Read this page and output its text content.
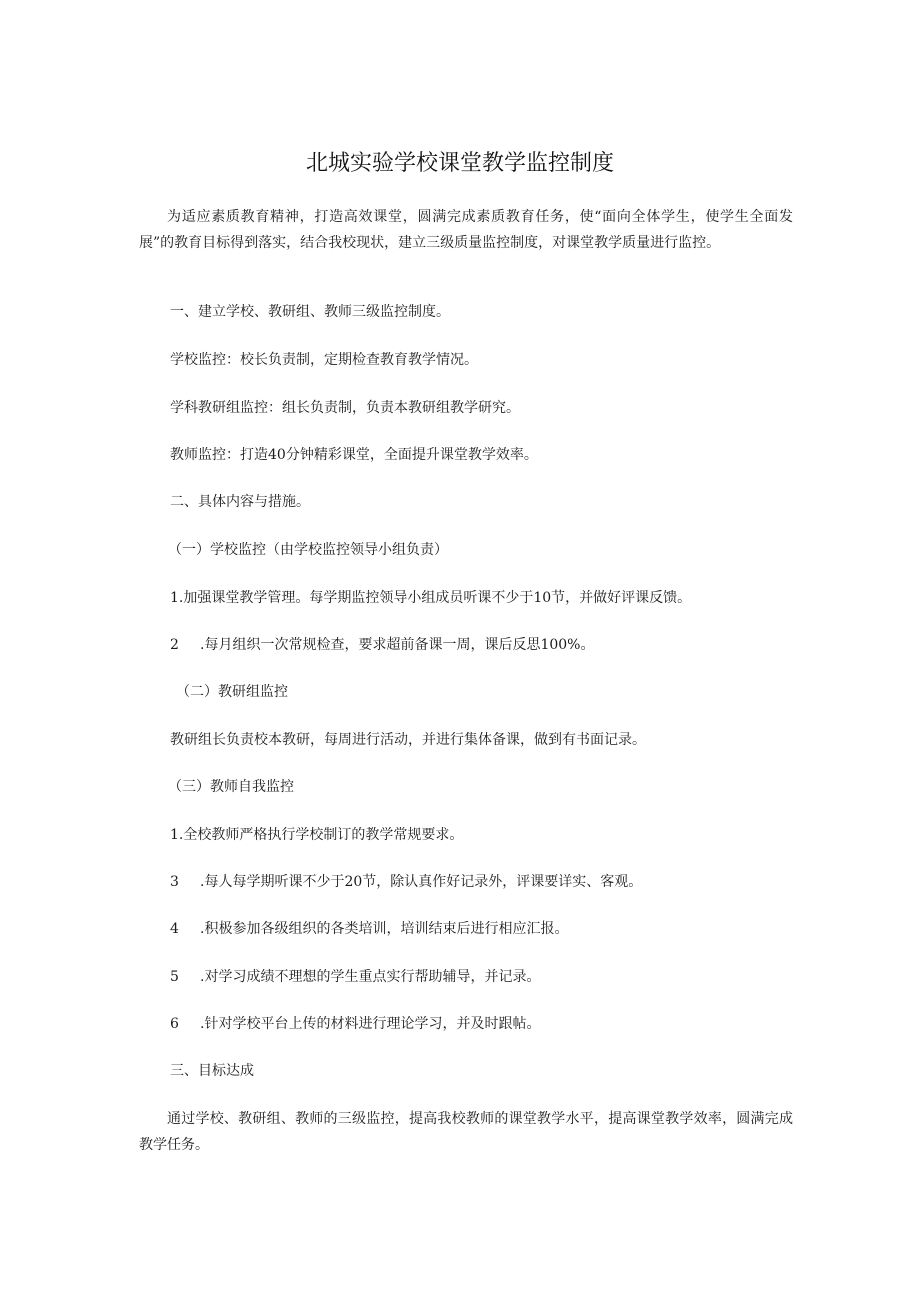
北城实验学校课堂教学监控制度
为适应素质教育精神，打造高效课堂，圆满完成素质教育任务，使“面向全体学生，使学生全面发展”的教育目标得到落实，结合我校现状，建立三级质量监控制度，对课堂教学质量进行监控。
一、建立学校、教研组、教师三级监控制度。
学校监控：校长负责制，定期检查教育教学情况。
学科教研组监控：组长负责制，负责本教研组教学研究。
教师监控：打造40分钟精彩课堂，全面提升课堂教学效率。
二、具体内容与措施。
（一）学校监控（由学校监控领导小组负责）
1.加强课堂教学管理。每学期监控领导小组成员听课不少于10节，并做好评课反馈。
2 .每月组织一次常规检查，要求超前备课一周，课后反思100%。
（二）教研组监控
教研组长负责校本教研，每周进行活动，并进行集体备课，做到有书面记录。
（三）教师自我监控
1.全校教师严格执行学校制订的教学常规要求。
3 .每人每学期听课不少于20节，除认真作好记录外，评课要详实、客观。
4 .积极参加各级组织的各类培训，培训结束后进行相应汇报。
5 .对学习成绩不理想的学生重点实行帮助辅导，并记录。
6 .针对学校平台上传的材料进行理论学习，并及时跟帖。
三、目标达成
通过学校、教研组、教师的三级监控，提高我校教师的课堂教学水平，提高课堂教学效率，圆满完成教学任务。
